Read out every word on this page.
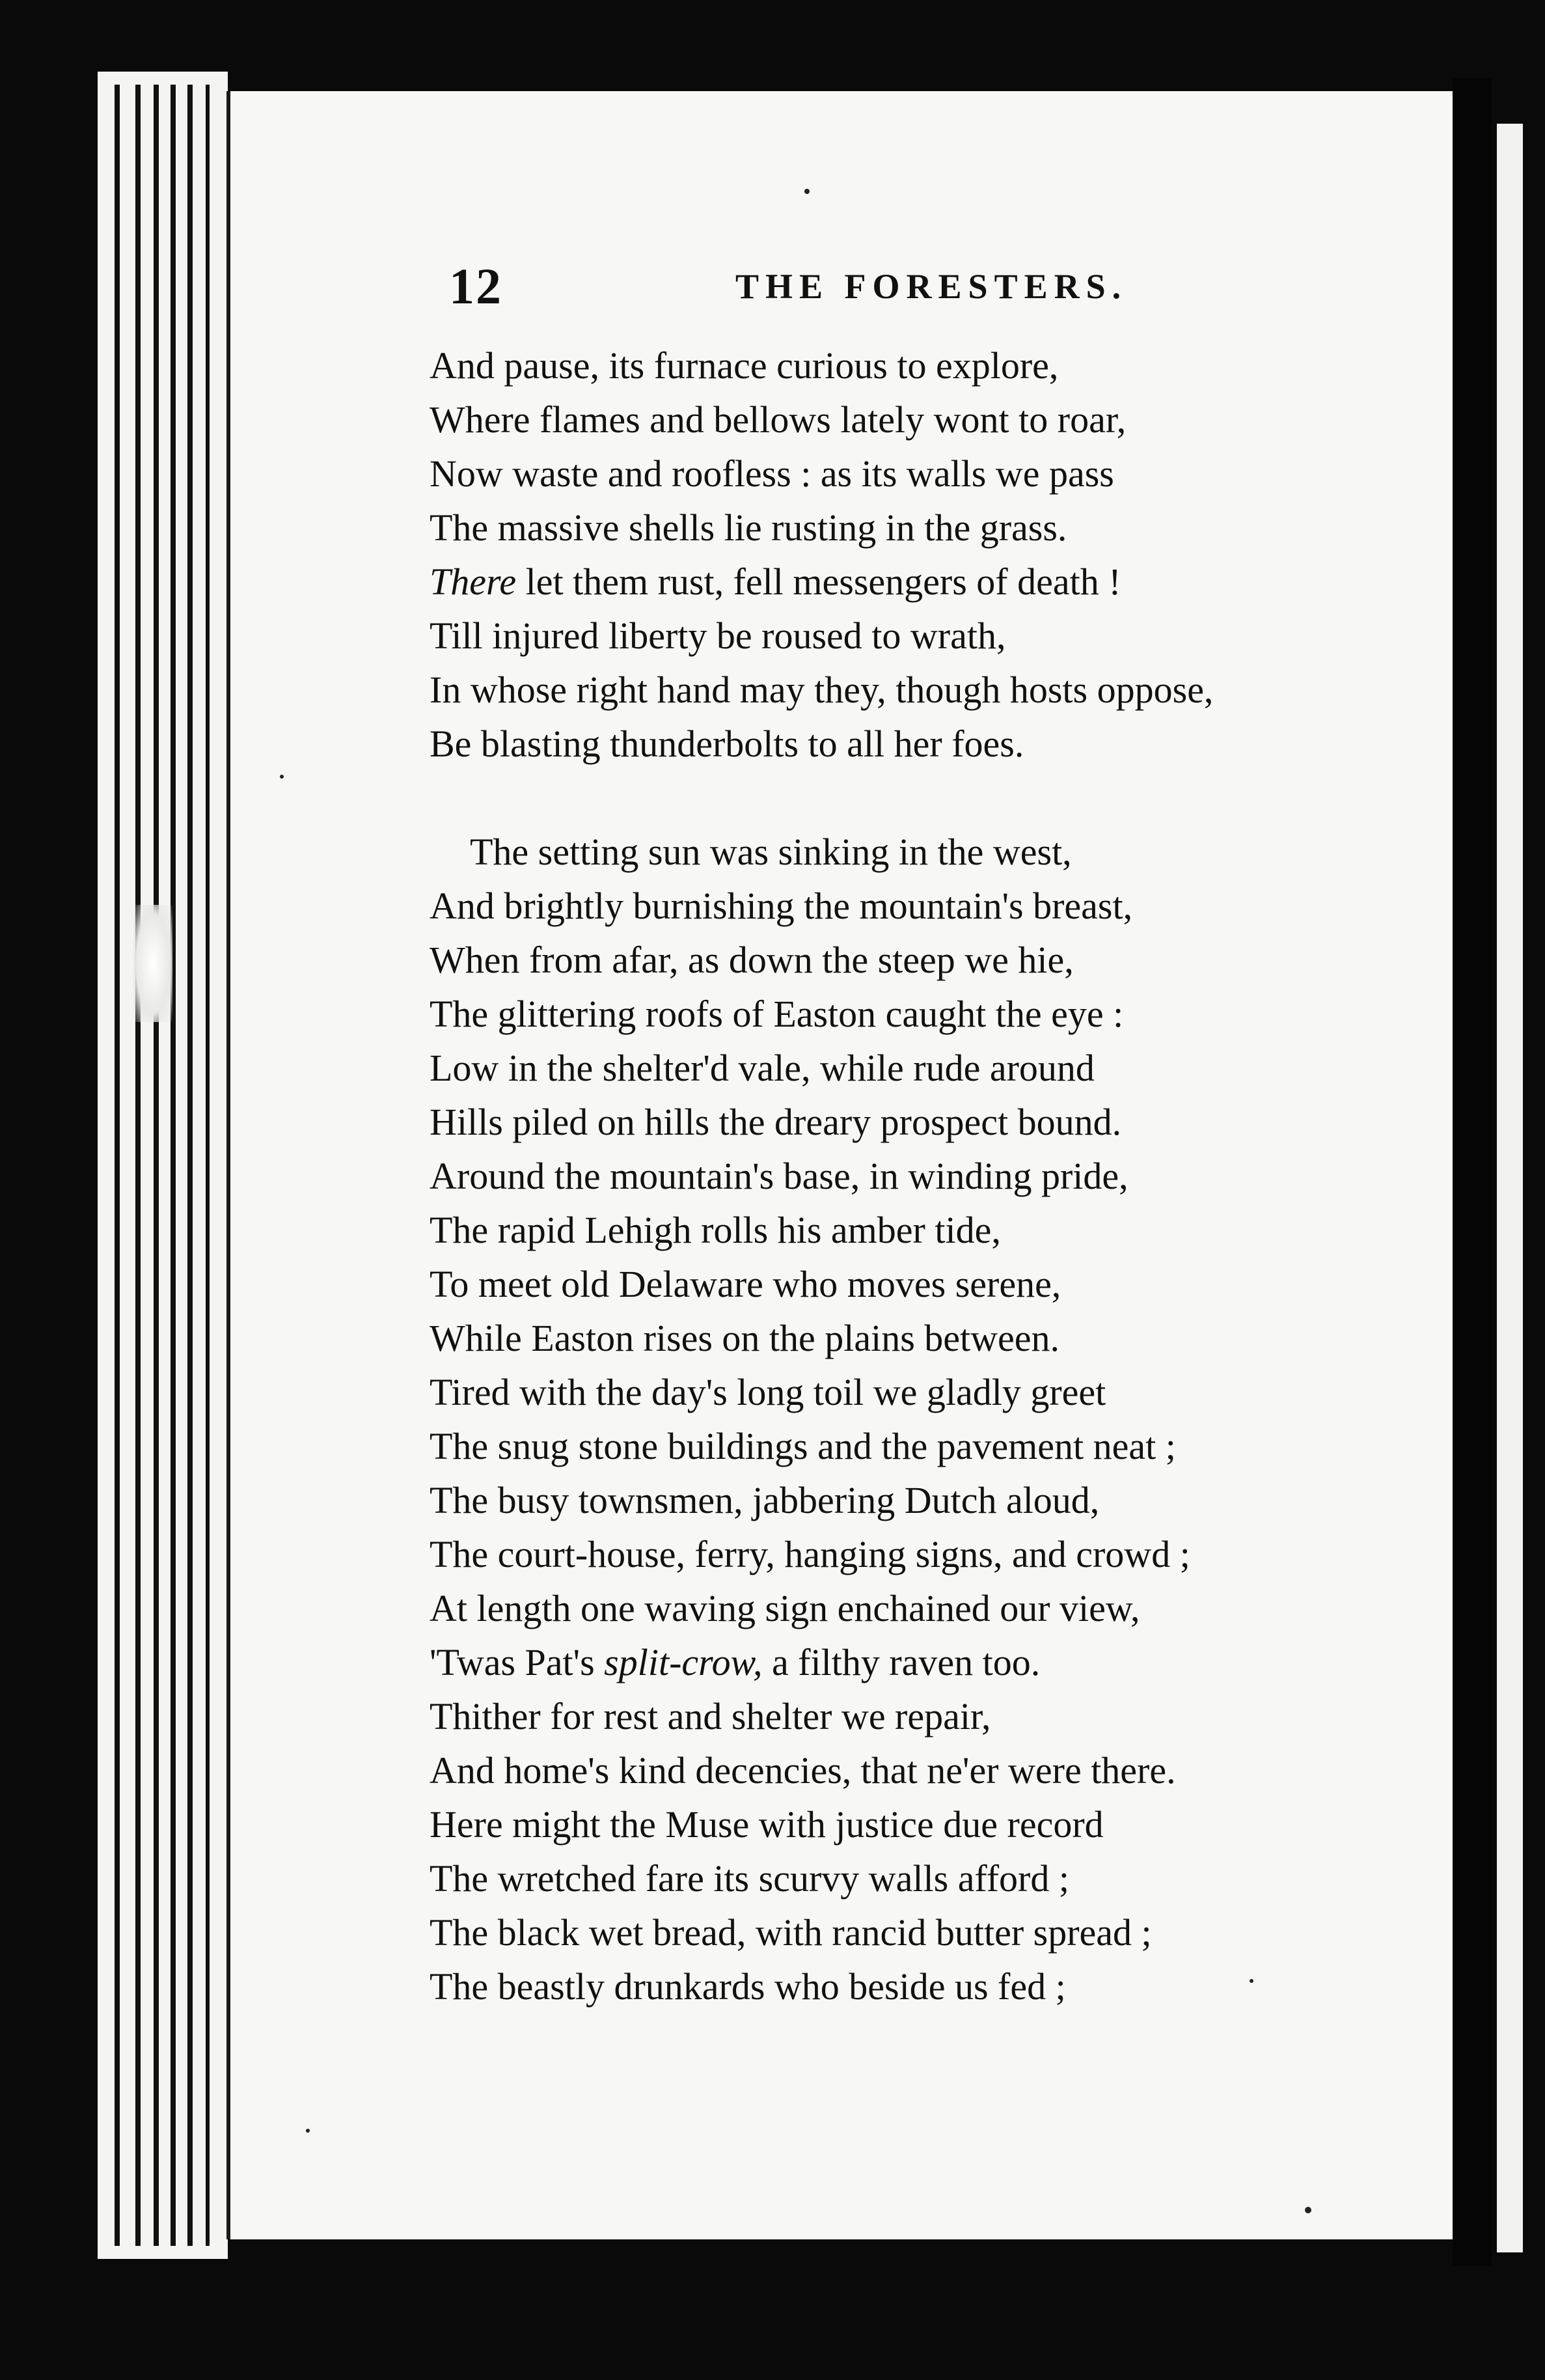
12	THE FORESTERS.
And pause, its furnace curious to explore,
Where flames and bellows lately wont to roar,
Now waste and roofless : as its walls we pass
The massive shells lie rusting in the grass.
There let them rust, fell messengers of death !
Till injured liberty be roused to wrath,
In whose right hand may they, though hosts oppose,
Be blasting thunderbolts to all her foes.
The setting sun was sinking in the west,
And brightly burnishing the mountain's breast,
When from afar, as down the steep we hie,
The glittering roofs of Easton caught the eye :
Low in the shelter'd vale, while rude around
Hills piled on hills the dreary prospect bound.
Around the mountain's base, in winding pride,
The rapid Lehigh rolls his amber tide,
To meet old Delaware who moves serene,
While Easton rises on the plains between.
Tired with the day's long toil we gladly greet
The snug stone buildings and the pavement neat ;
The busy townsmen, jabbering Dutch aloud,
The court-house, ferry, hanging signs, and crowd ;
At length one waving sign enchained our view,
'Twas Pat's split-crow, a filthy raven too.
Thither for rest and shelter we repair,
And home's kind decencies, that ne'er were there.
Here might the Muse with justice due record
The wretched fare its scurvy walls afford ;
The black wet bread, with rancid butter spread ;
The beastly drunkards who beside us fed ;
